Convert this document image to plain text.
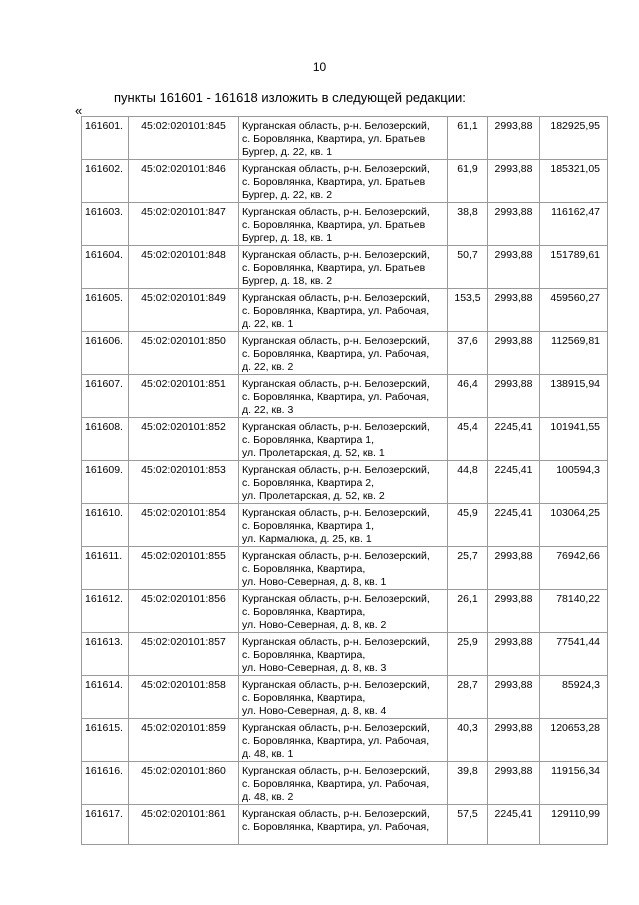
10
пункты 161601 - 161618 изложить в следующей редакции:
«
161601.	45:02:020101:845	Курганская область, р-н. Белозерский,
с. Боровлянка, Квартира, ул. Братьев
Бургер, д. 22, кв. 1	61,1	2993,88	182925,95
161602.	45:02:020101:846	Курганская область, р-н. Белозерский,
с. Боровлянка, Квартира, ул. Братьев
Бургер, д. 22, кв. 2	61,9	2993,88	185321,05
161603.	45:02:020101:847	Курганская область, р-н. Белозерский,
с. Боровлянка, Квартира, ул. Братьев
Бургер, д. 18, кв. 1	38,8	2993,88	116162,47
161604.	45:02:020101:848	Курганская область, р-н. Белозерский,
с. Боровлянка, Квартира, ул. Братьев
Бургер, д. 18, кв. 2	50,7	2993,88	151789,61
161605.	45:02:020101:849	Курганская область, р-н. Белозерский,
с. Боровлянка, Квартира, ул. Рабочая,
д. 22, кв. 1	153,5	2993,88	459560,27
161606.	45:02:020101:850	Курганская область, р-н. Белозерский,
с. Боровлянка, Квартира, ул. Рабочая,
д. 22, кв. 2	37,6	2993,88	112569,81
161607.	45:02:020101:851	Курганская область, р-н. Белозерский,
с. Боровлянка, Квартира, ул. Рабочая,
д. 22, кв. 3	46,4	2993,88	138915,94
161608.	45:02:020101:852	Курганская область, р-н. Белозерский,
с. Боровлянка, Квартира 1,
ул. Пролетарская, д. 52, кв. 1	45,4	2245,41	101941,55
161609.	45:02:020101:853	Курганская область, р-н. Белозерский,
с. Боровлянка, Квартира 2,
ул. Пролетарская, д. 52, кв. 2	44,8	2245,41	100594,3
161610.	45:02:020101:854	Курганская область, р-н. Белозерский,
с. Боровлянка, Квартира 1,
ул. Кармалюка, д. 25, кв. 1	45,9	2245,41	103064,25
161611.	45:02:020101:855	Курганская область, р-н. Белозерский,
с. Боровлянка, Квартира,
ул. Ново-Северная, д. 8, кв. 1	25,7	2993,88	76942,66
161612.	45:02:020101:856	Курганская область, р-н. Белозерский,
с. Боровлянка, Квартира,
ул. Ново-Северная, д. 8, кв. 2	26,1	2993,88	78140,22
161613.	45:02:020101:857	Курганская область, р-н. Белозерский,
с. Боровлянка, Квартира,
ул. Ново-Северная, д. 8, кв. 3	25,9	2993,88	77541,44
161614.	45:02:020101:858	Курганская область, р-н. Белозерский,
с. Боровлянка, Квартира,
ул. Ново-Северная, д. 8, кв. 4	28,7	2993,88	85924,3
161615.	45:02:020101:859	Курганская область, р-н. Белозерский,
с. Боровлянка, Квартира, ул. Рабочая,
д. 48, кв. 1	40,3	2993,88	120653,28
161616.	45:02:020101:860	Курганская область, р-н. Белозерский,
с. Боровлянка, Квартира, ул. Рабочая,
д. 48, кв. 2	39,8	2993,88	119156,34
161617.	45:02:020101:861	Курганская область, р-н. Белозерский,
с. Боровлянка, Квартира, ул. Рабочая,	57,5	2245,41	129110,99
